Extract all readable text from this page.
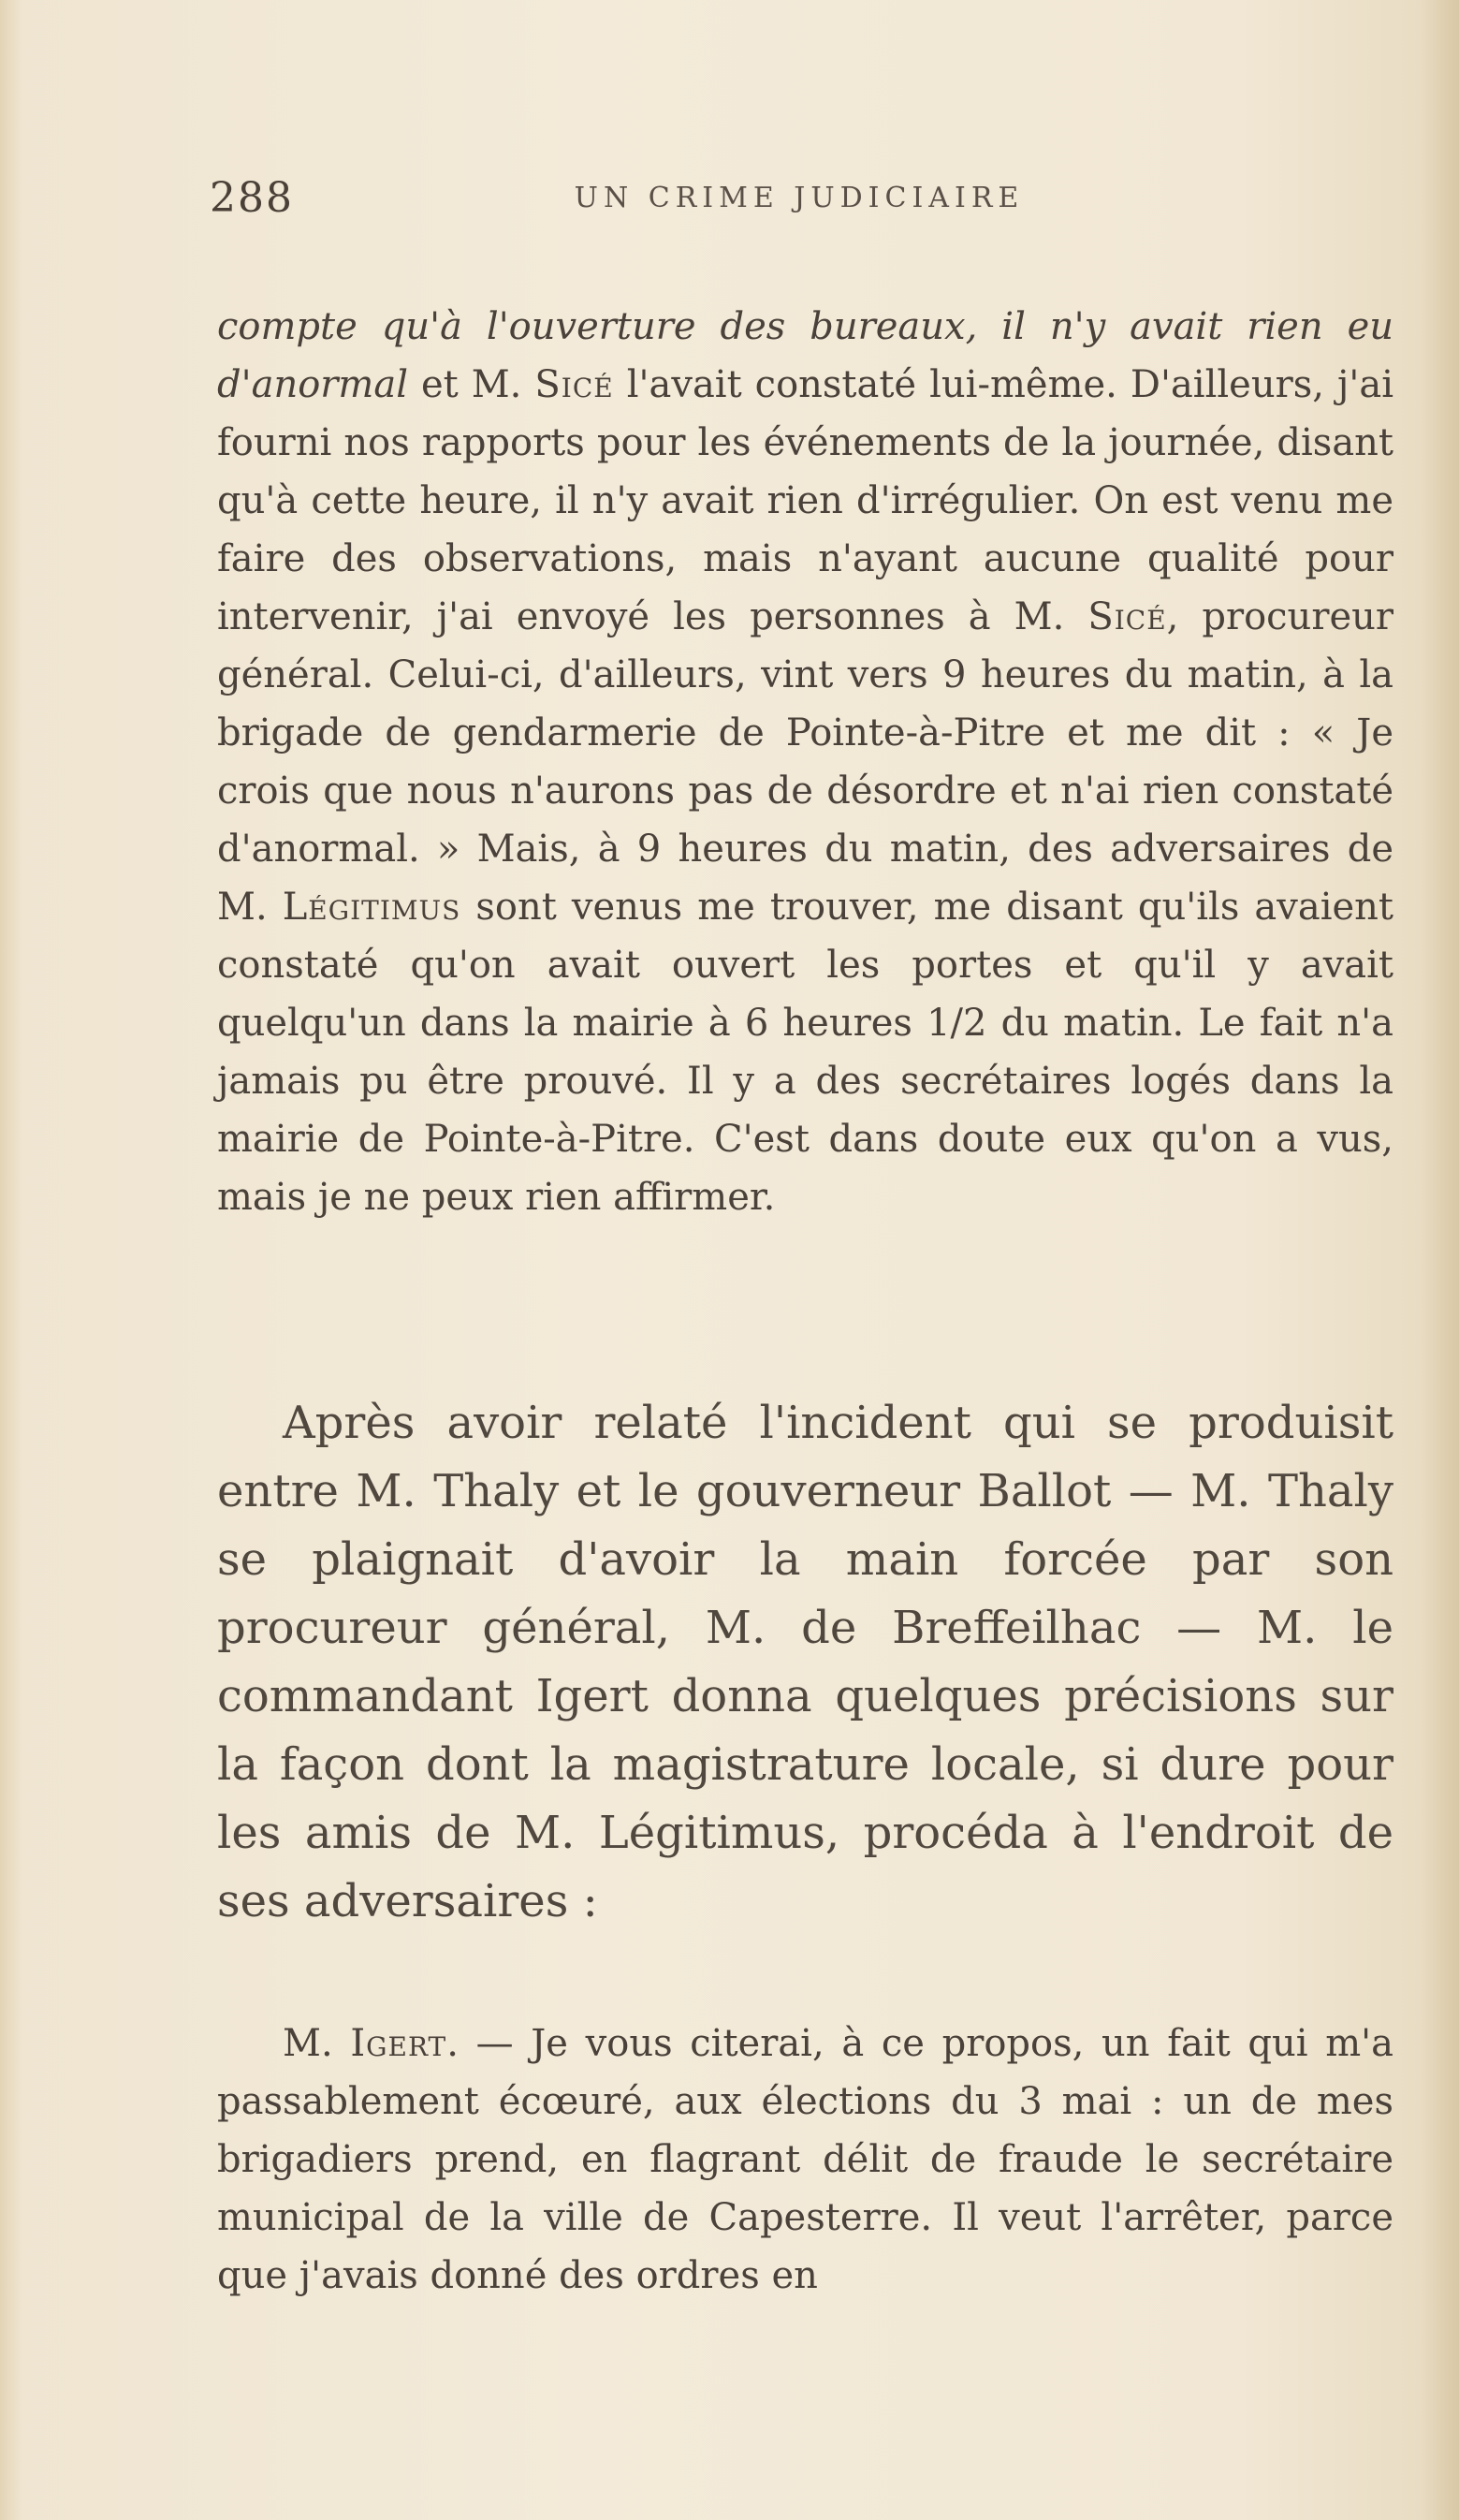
288	UN CRIME JUDICIAIRE

compte qu'à l'ouverture des bureaux, il n'y avait rien eu d'anormal et M. Sicé l'avait constaté lui-même. D'ailleurs, j'ai fourni nos rapports pour les événements de la journée, disant qu'à cette heure, il n'y avait rien d'irrégulier. On est venu me faire des observations, mais n'ayant aucune qualité pour intervenir, j'ai envoyé les personnes à M. Sicé, procureur général. Celui-ci, d'ailleurs, vint vers 9 heures du matin, à la brigade de gendarmerie de Pointe-à-Pitre et me dit : « Je crois que nous n'aurons pas de désordre et n'ai rien constaté d'anormal. » Mais, à 9 heures du matin, des adversaires de M. Légitimus sont venus me trouver, me disant qu'ils avaient constaté qu'on avait ouvert les portes et qu'il y avait quelqu'un dans la mairie à 6 heures 1/2 du matin. Le fait n'a jamais pu être prouvé. Il y a des secrétaires logés dans la mairie de Pointe-à-Pitre. C'est dans doute eux qu'on a vus, mais je ne peux rien affirmer.

Après avoir relaté l'incident qui se produisit entre M. Thaly et le gouverneur Ballot — M. Thaly se plaignait d'avoir la main forcée par son procureur général, M. de Breffeilhac — M. le commandant Igert donna quelques précisions sur la façon dont la magistrature locale, si dure pour les amis de M. Légitimus, procéda à l'endroit de ses adversaires :

M. Igert. — Je vous citerai, à ce propos, un fait qui m'a passablement écœuré, aux élections du 3 mai : un de mes brigadiers prend, en flagrant délit de fraude le secrétaire municipal de la ville de Capesterre. Il veut l'arrêter, parce que j'avais donné des ordres en
